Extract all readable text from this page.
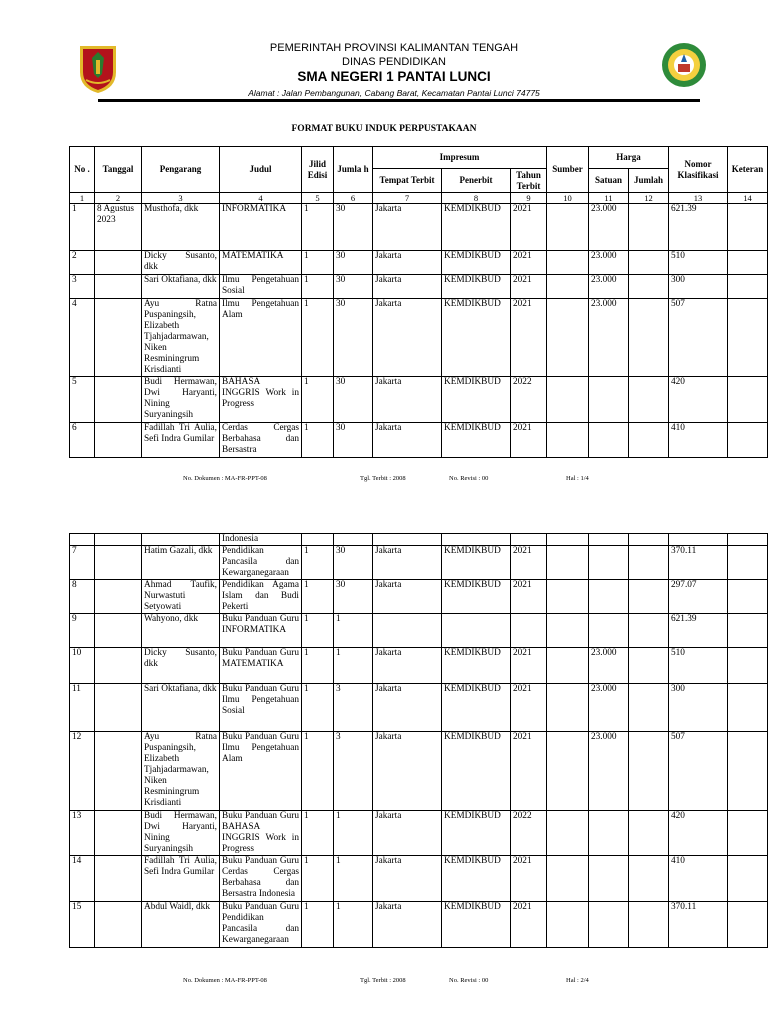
PEMERINTAH PROVINSI KALIMANTAN TENGAH
DINAS PENDIDIKAN
SMA NEGERI 1 PANTAI LUNCI
Alamat : Jalan Pembangunan, Cabang Barat, Kecamatan Pantai Lunci 74775
FORMAT BUKU INDUK PERPUSTAKAAN
No .	Tanggal	Pengarang	Judul	Jilid Edisi	Jumla h	Impresum			Sumber	Harga		Nomor Klasifikasi	Keteran
						Tempat Terbit	Penerbit	Tahun Terbit		Satuan	Jumlah		
1	2	3	4	5	6	7	8	9	10	11	12	13	14
1	8 Agustus 2023	Musthofa, dkk	INFORMATIKA	1	30	Jakarta	KEMDIKBUD	2021		23.000		621.39	
2		Dicky Susanto, dkk	MATEMATIKA	1	30	Jakarta	KEMDIKBUD	2021		23.000		510	
3		Sari Oktafiana, dkk	Ilmu Pengetahuan Sosial	1	30	Jakarta	KEMDIKBUD	2021		23.000		300	
4		Ayu Ratna Puspaningsih, Elizabeth Tjahjadarmawan, Niken Resminingrum Krisdianti	Ilmu Pengetahuan Alam	1	30	Jakarta	KEMDIKBUD	2021		23.000		507	
5		Budi Hermawan, Dwi Haryanti, Nining Suryaningsih	BAHASA INGGRIS Work in Progress	1	30	Jakarta	KEMDIKBUD	2022				420	
6		Fadillah Tri Aulia, Sefi Indra Gumilar	Cerdas Cergas Berbahasa dan Bersastra	1	30	Jakarta	KEMDIKBUD	2021				410	
No. Dokumen : MA-FR-PPT-08	Tgl. Terbit : 2008	No. Revisi : 00	Hal : 1/4
			Indonesia										
7		Hatim Gazali, dkk	Pendidikan Pancasila dan Kewarganegaraan	1	30	Jakarta	KEMDIKBUD	2021				370.11	
8		Ahmad Taufik, Nurwastuti Setyowati	Pendidikan Agama Islam dan Budi Pekerti	1	30	Jakarta	KEMDIKBUD	2021				297.07	
9		Wahyono, dkk	Buku Panduan Guru INFORMATIKA	1	1							621.39	
10		Dicky Susanto, dkk	Buku Panduan Guru MATEMATIKA	1	1	Jakarta	KEMDIKBUD	2021		23.000		510	
11		Sari Oktafiana, dkk	Buku Panduan Guru Ilmu Pengetahuan Sosial	1	3	Jakarta	KEMDIKBUD	2021		23.000		300	
12		Ayu Ratna Puspaningsih, Elizabeth Tjahjadarmawan, Niken Resminingrum Krisdianti	Buku Panduan Guru Ilmu Pengetahuan Alam	1	3	Jakarta	KEMDIKBUD	2021		23.000		507	
13		Budi Hermawan, Dwi Haryanti, Nining Suryaningsih	Buku Panduan Guru BAHASA INGGRIS Work in Progress	1	1	Jakarta	KEMDIKBUD	2022				420	
14		Fadillah Tri Aulia, Sefi Indra Gumilar	Buku Panduan Guru Cerdas Cergas Berbahasa dan Bersastra Indonesia	1	1	Jakarta	KEMDIKBUD	2021				410	
15		Abdul Waidl, dkk	Buku Panduan Guru Pendidikan Pancasila dan Kewarganegaraan	1	1	Jakarta	KEMDIKBUD	2021				370.11	
No. Dokumen : MA-FR-PPT-08	Tgl. Terbit : 2008	No. Revisi : 00	Hal : 2/4
